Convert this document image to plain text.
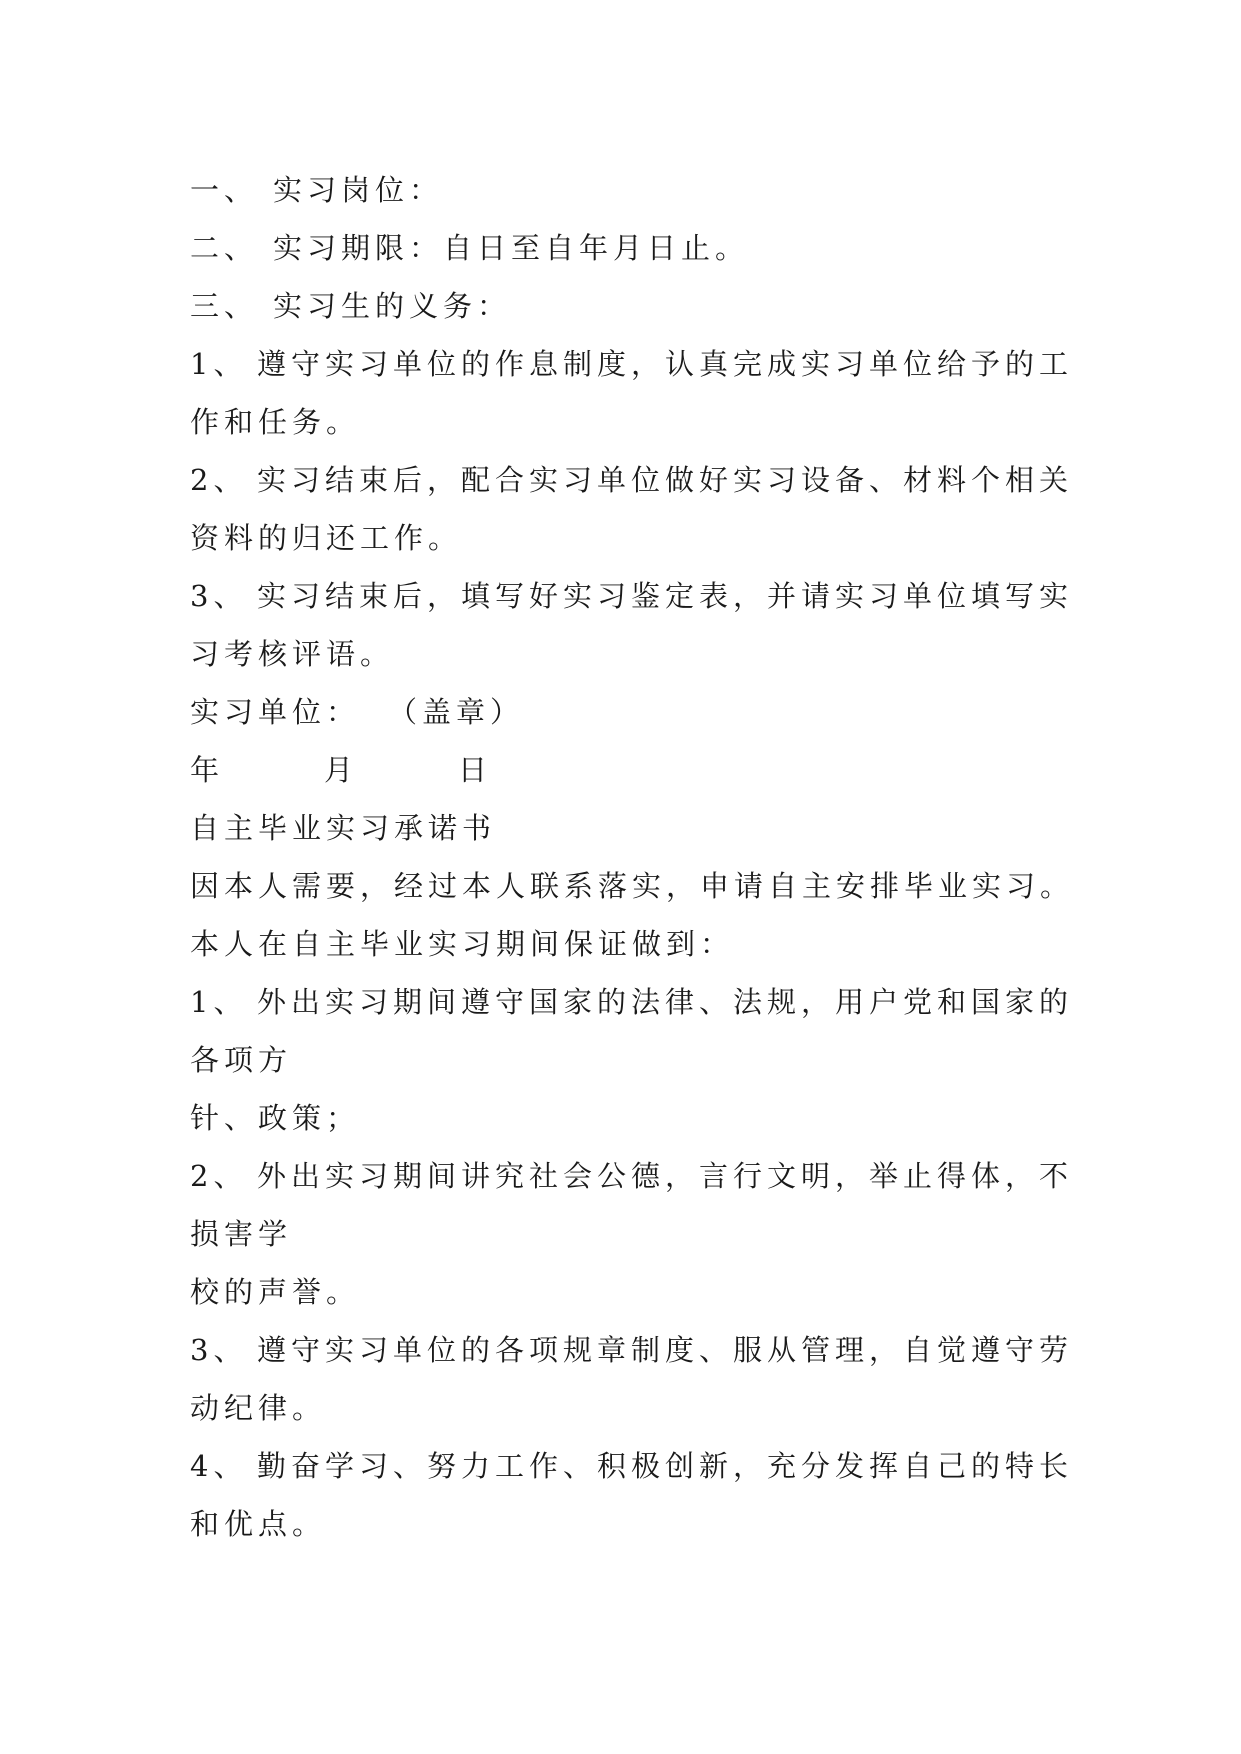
一、 实习岗位：
二、 实习期限：自日至自年月日止。
三、 实习生的义务：
1、 遵守实习单位的作息制度，认真完成实习单位给予的工
作和任务。
2、 实习结束后，配合实习单位做好实习设备、材料个相关
资料的归还工作。
3、 实习结束后，填写好实习鉴定表，并请实习单位填写实
习考核评语。
实习单位： （盖章）
年	月	日
自主毕业实习承诺书
因本人需要，经过本人联系落实，申请自主安排毕业实习。
本人在自主毕业实习期间保证做到：
1、 外出实习期间遵守国家的法律、法规，用户党和国家的
各项方
针、政策；
2、 外出实习期间讲究社会公德，言行文明，举止得体，不
损害学
校的声誉。
3、 遵守实习单位的各项规章制度、服从管理，自觉遵守劳
动纪律。
4、 勤奋学习、努力工作、积极创新，充分发挥自己的特长
和优点。
